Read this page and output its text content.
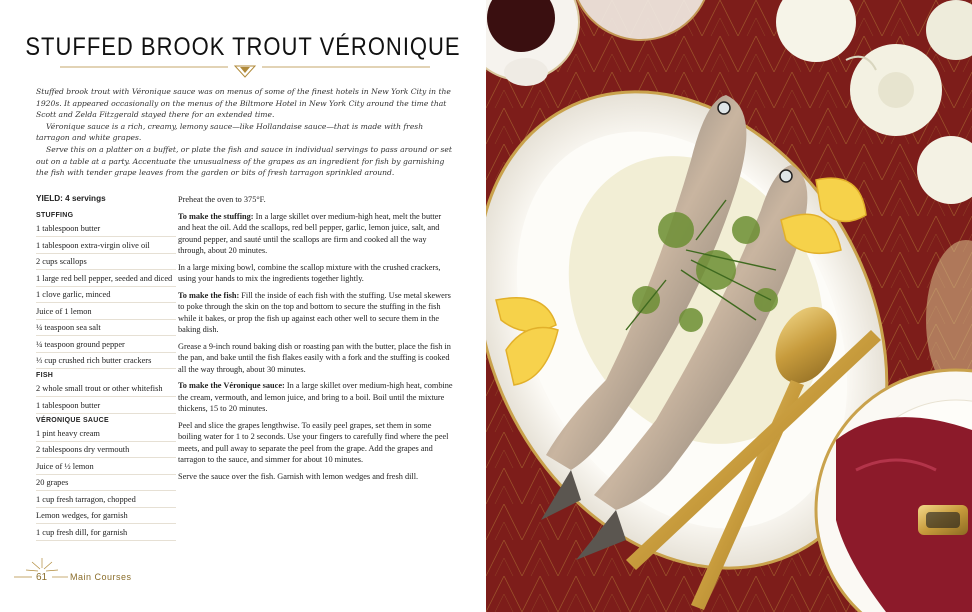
STUFFED BROOK TROUT VÉRONIQUE

Stuffed brook trout with Véronique sauce was on menus of some of the finest hotels in New York City in the 1920s. It appeared occasionally on the menus of the Biltmore Hotel in New York City around the time that Scott and Zelda Fitzgerald stayed there for an extended time.

Véronique sauce is a rich, creamy, lemony sauce—like Hollandaise sauce—that is made with fresh tarragon and white grapes.

Serve this on a platter on a buffet, or plate the fish and sauce in individual servings to pass around or set out on a table at a party. Accentuate the unusualness of the grapes as an ingredient for fish by garnishing the fish with tender grape leaves from the garden or bits of fresh tarragon sprinkled around.

YIELD: 4 servings
STUFFING
1 tablespoon butter
1 tablespoon extra-virgin olive oil
2 cups scallops
1 large red bell pepper, seeded and diced
1 clove garlic, minced
Juice of 1 lemon
¼ teaspoon sea salt
¼ teaspoon ground pepper
⅓ cup crushed rich butter crackers
FISH
2 whole small trout or other whitefish
1 tablespoon butter
VÉRONIQUE SAUCE
1 pint heavy cream
2 tablespoons dry vermouth
Juice of ½ lemon
20 grapes
1 cup fresh tarragon, chopped
Lemon wedges, for garnish
1 cup fresh dill, for garnish

Preheat the oven to 375°F.

To make the stuffing: In a large skillet over medium-high heat, melt the butter and heat the oil. Add the scallops, red bell pepper, garlic, lemon juice, salt, and ground pepper, and sauté until the scallops are firm and cooked all the way through, about 20 minutes.

In a large mixing bowl, combine the scallop mixture with the crushed crackers, using your hands to mix the ingredients together lightly.

To make the fish: Fill the inside of each fish with the stuffing. Use metal skewers to poke through the skin on the top and bottom to secure the stuffing in the fish while it bakes, or prop the fish up against each other well to secure them in the baking dish.

Grease a 9-inch round baking dish or roasting pan with the butter, place the fish in the pan, and bake until the fish flakes easily with a fork and the stuffing is cooked all the way through, about 30 minutes.

To make the Véronique sauce: In a large skillet over medium-high heat, combine the cream, vermouth, and lemon juice, and bring to a boil. Boil until the mixture thickens, 15 to 20 minutes.

Peel and slice the grapes lengthwise. To easily peel grapes, set them in some boiling water for 1 to 2 seconds. Use your fingers to carefully find where the peel meets, and pull away to separate the peel from the grape. Add the grapes and tarragon to the sauce, and simmer for about 10 minutes.

Serve the sauce over the fish. Garnish with lemon wedges and fresh dill.

61	Main Courses
